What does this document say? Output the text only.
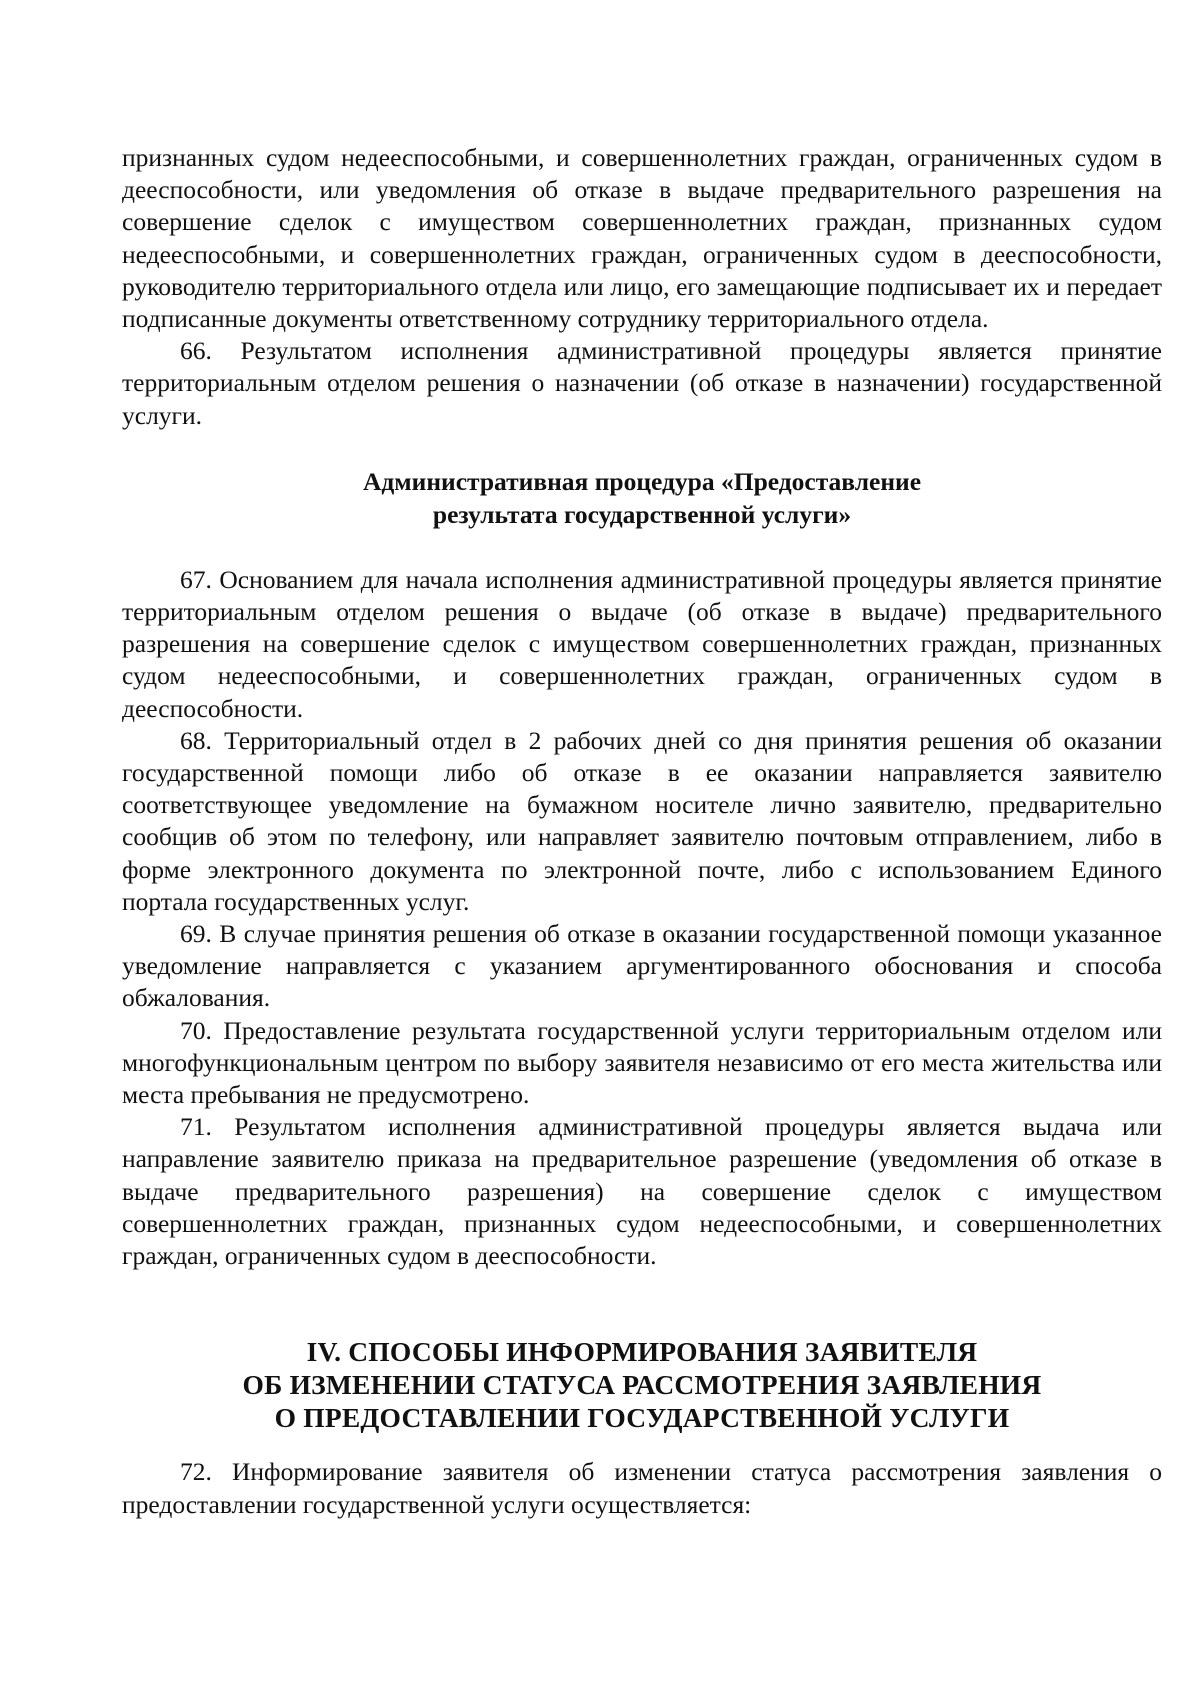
признанных судом недееспособными, и совершеннолетних граждан, ограниченных судом в дееспособности, или уведомления об отказе в выдаче предварительного разрешения на совершение сделок с имуществом совершеннолетних граждан, признанных судом недееспособными, и совершеннолетних граждан, ограниченных судом в дееспособности, руководителю территориального отдела или лицо, его замещающие подписывает их и передает подписанные документы ответственному сотруднику территориального отдела.

66. Результатом исполнения административной процедуры является принятие территориальным отделом решения о назначении (об отказе в назначении) государственной услуги.

Административная процедура «Предоставление
результата государственной услуги»

67. Основанием для начала исполнения административной процедуры является принятие территориальным отделом решения о выдаче (об отказе в выдаче) предварительного разрешения на совершение сделок с имуществом совершеннолетних граждан, признанных судом недееспособными, и совершеннолетних граждан, ограниченных судом в дееспособности.

68. Территориальный отдел в 2 рабочих дней со дня принятия решения об оказании государственной помощи либо об отказе в ее оказании направляется заявителю соответствующее уведомление на бумажном носителе лично заявителю, предварительно сообщив об этом по телефону, или направляет заявителю почтовым отправлением, либо в форме электронного документа по электронной почте, либо с использованием Единого портала государственных услуг.

69. В случае принятия решения об отказе в оказании государственной помощи указанное уведомление направляется с указанием аргументированного обоснования и способа обжалования.

70. Предоставление результата государственной услуги территориальным отделом или многофункциональным центром по выбору заявителя независимо от его места жительства или места пребывания не предусмотрено.

71. Результатом исполнения административной процедуры является выдача или направление заявителю приказа на предварительное разрешение (уведомления об отказе в выдаче предварительного разрешения) на совершение сделок с имуществом совершеннолетних граждан, признанных судом недееспособными, и совершеннолетних граждан, ограниченных судом в дееспособности.

IV. СПОСОБЫ ИНФОРМИРОВАНИЯ ЗАЯВИТЕЛЯ
ОБ ИЗМЕНЕНИИ СТАТУСА РАССМОТРЕНИЯ ЗАЯВЛЕНИЯ
О ПРЕДОСТАВЛЕНИИ ГОСУДАРСТВЕННОЙ УСЛУГИ

72. Информирование заявителя об изменении статуса рассмотрения заявления о предоставлении государственной услуги осуществляется:
